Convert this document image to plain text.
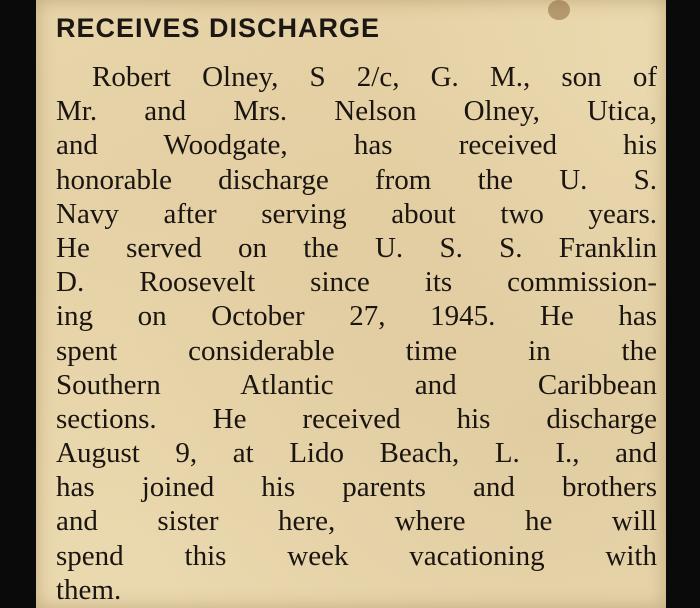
RECEIVES DISCHARGE
Robert Olney, S 2/c, G. M., son of
Mr. and Mrs. Nelson Olney, Utica,
and Woodgate, has received his
honorable discharge from the U. S.
Navy after serving about two years.
He served on the U. S. S. Franklin
D. Roosevelt since its commission-
ing on October 27, 1945. He has
spent considerable time in the
Southern Atlantic and Caribbean
sections. He received his discharge
August 9, at Lido Beach, L. I., and
has joined his parents and brothers
and sister here, where he will
spend this week vacationing with
them.
